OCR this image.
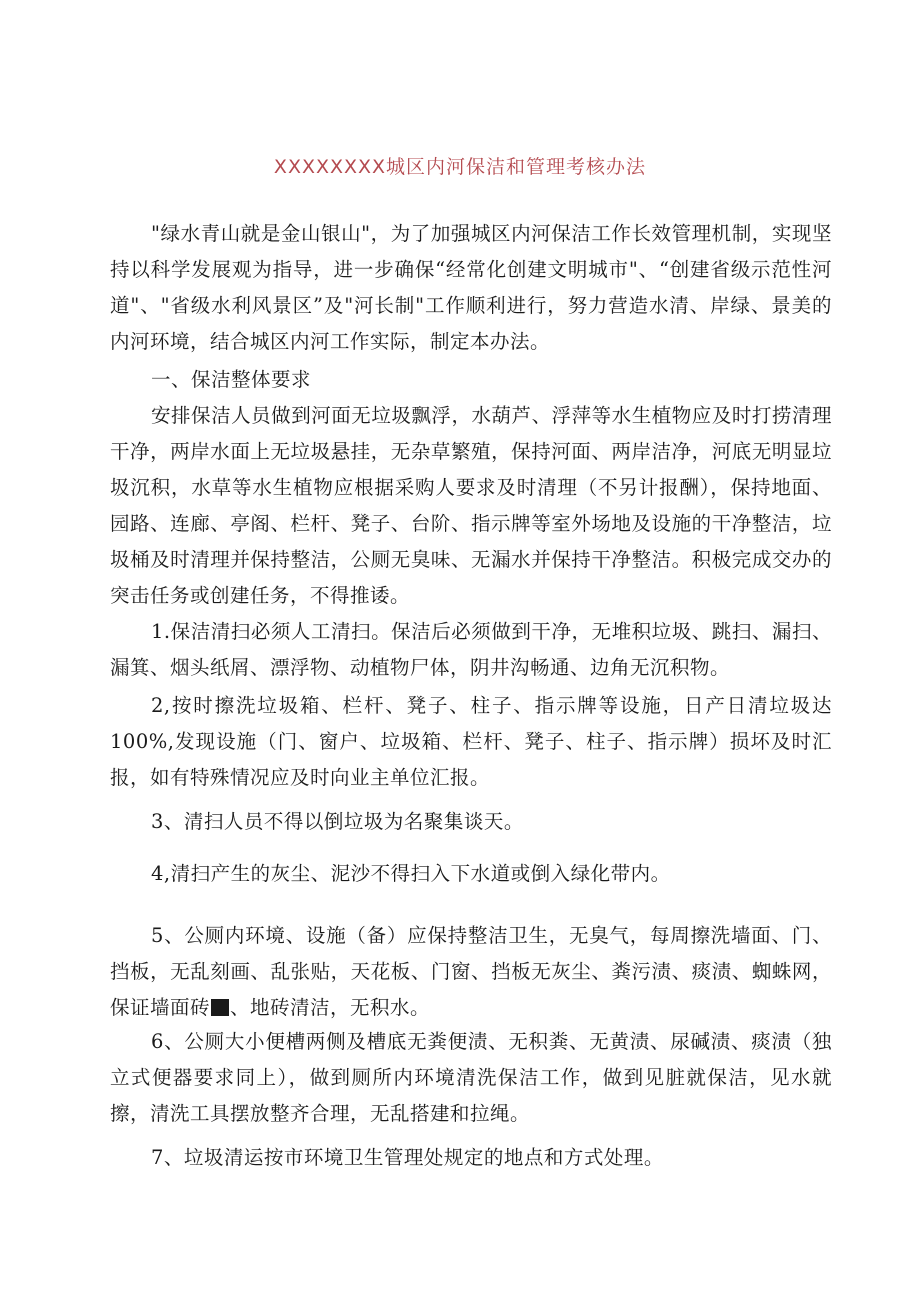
XXXXXXXX城区内河保洁和管理考核办法
"绿水青山就是金山银山"，为了加强城区内河保洁工作长效管理机制，实现坚持以科学发展观为指导，进一步确保“经常化创建文明城市"、“创建省级示范性河道"、"省级水利风景区”及"河长制"工作顺利进行，努力营造水清、岸绿、景美的内河环境，结合城区内河工作实际，制定本办法。
一、保洁整体要求
安排保洁人员做到河面无垃圾飘浮，水葫芦、浮萍等水生植物应及时打捞清理干净，两岸水面上无垃圾悬挂，无杂草繁殖，保持河面、两岸洁净，河底无明显垃圾沉积，水草等水生植物应根据采购人要求及时清理（不另计报酬），保持地面、园路、连廊、亭阁、栏杆、凳子、台阶、指示牌等室外场地及设施的干净整洁，垃圾桶及时清理并保持整洁，公厕无臭味、无漏水并保持干净整洁。积极完成交办的突击任务或创建任务，不得推诿。
1.保洁清扫必须人工清扫。保洁后必须做到干净，无堆积垃圾、跳扫、漏扫、漏箕、烟头纸屑、漂浮物、动植物尸体，阴井沟畅通、边角无沉积物。
2,按时擦洗垃圾箱、栏杆、凳子、柱子、指示牌等设施，日产日清垃圾达100%,发现设施（门、窗户、垃圾箱、栏杆、凳子、柱子、指示牌）损坏及时汇报，如有特殊情况应及时向业主单位汇报。
3、清扫人员不得以倒垃圾为名聚集谈天。
4,清扫产生的灰尘、泥沙不得扫入下水道或倒入绿化带内。
5、公厕内环境、设施（备）应保持整洁卫生，无臭气，每周擦洗墙面、门、挡板，无乱刻画、乱张贴，天花板、门窗、挡板无灰尘、粪污渍、痰渍、蜘蛛网，保证墙面砖 、地砖清洁，无积水。
6、公厕大小便槽两侧及槽底无粪便渍、无积粪、无黄渍、尿碱渍、痰渍（独立式便器要求同上），做到厕所内环境清洗保洁工作，做到见脏就保洁，见水就擦，清洗工具摆放整齐合理，无乱搭建和拉绳。
7、垃圾清运按市环境卫生管理处规定的地点和方式处理。
